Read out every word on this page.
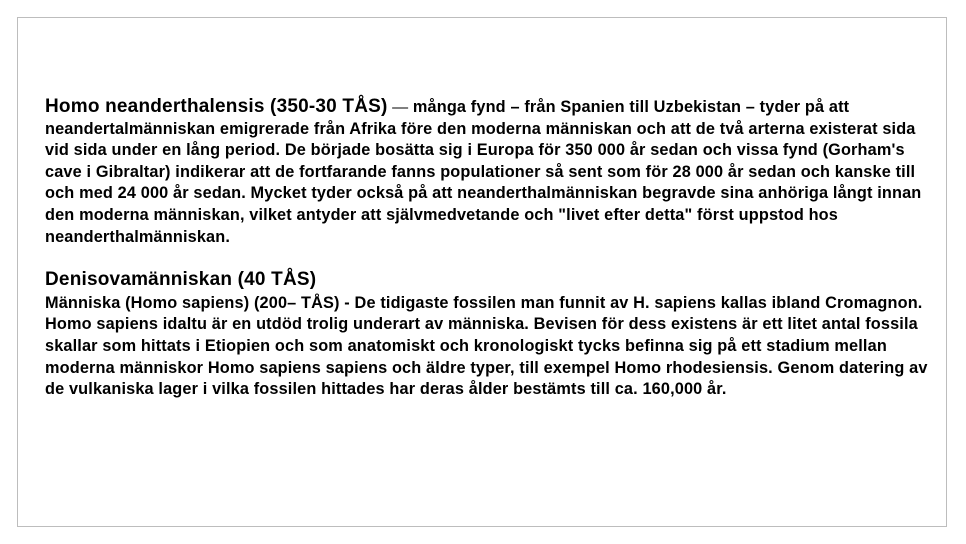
Homo neanderthalensis (350-30 TÅS) — många fynd – från Spanien till Uzbekistan – tyder på att neandertalmänniskan emigrerade från Afrika före den moderna människan och att de två arterna existerat sida vid sida under en lång period. De började bosätta sig i Europa för 350 000 år sedan och vissa fynd (Gorham's cave i Gibraltar) indikerar att de fortfarande fanns populationer så sent som för 28 000 år sedan och kanske till och med 24 000 år sedan. Mycket tyder också på att neanderthalmänniskan begravde sina anhöriga långt innan den moderna människan, vilket antyder att självmedvetande och "livet efter detta" först uppstod hos neanderthalmänniskan.

Denisovamänniskan (40 TÅS)

Människa (Homo sapiens) (200– TÅS) - De tidigaste fossilen man funnit av H. sapiens kallas ibland Cromagnon.

Homo sapiens idaltu är en utdöd trolig underart av människa. Bevisen för dess existens är ett litet antal fossila skallar som hittats i Etiopien och som anatomiskt och kronologiskt tycks befinna sig på ett stadium mellan moderna människor Homo sapiens sapiens och äldre typer, till exempel Homo rhodesiensis. Genom datering av de vulkaniska lager i vilka fossilen hittades har deras ålder bestämts till ca. 160,000 år.
